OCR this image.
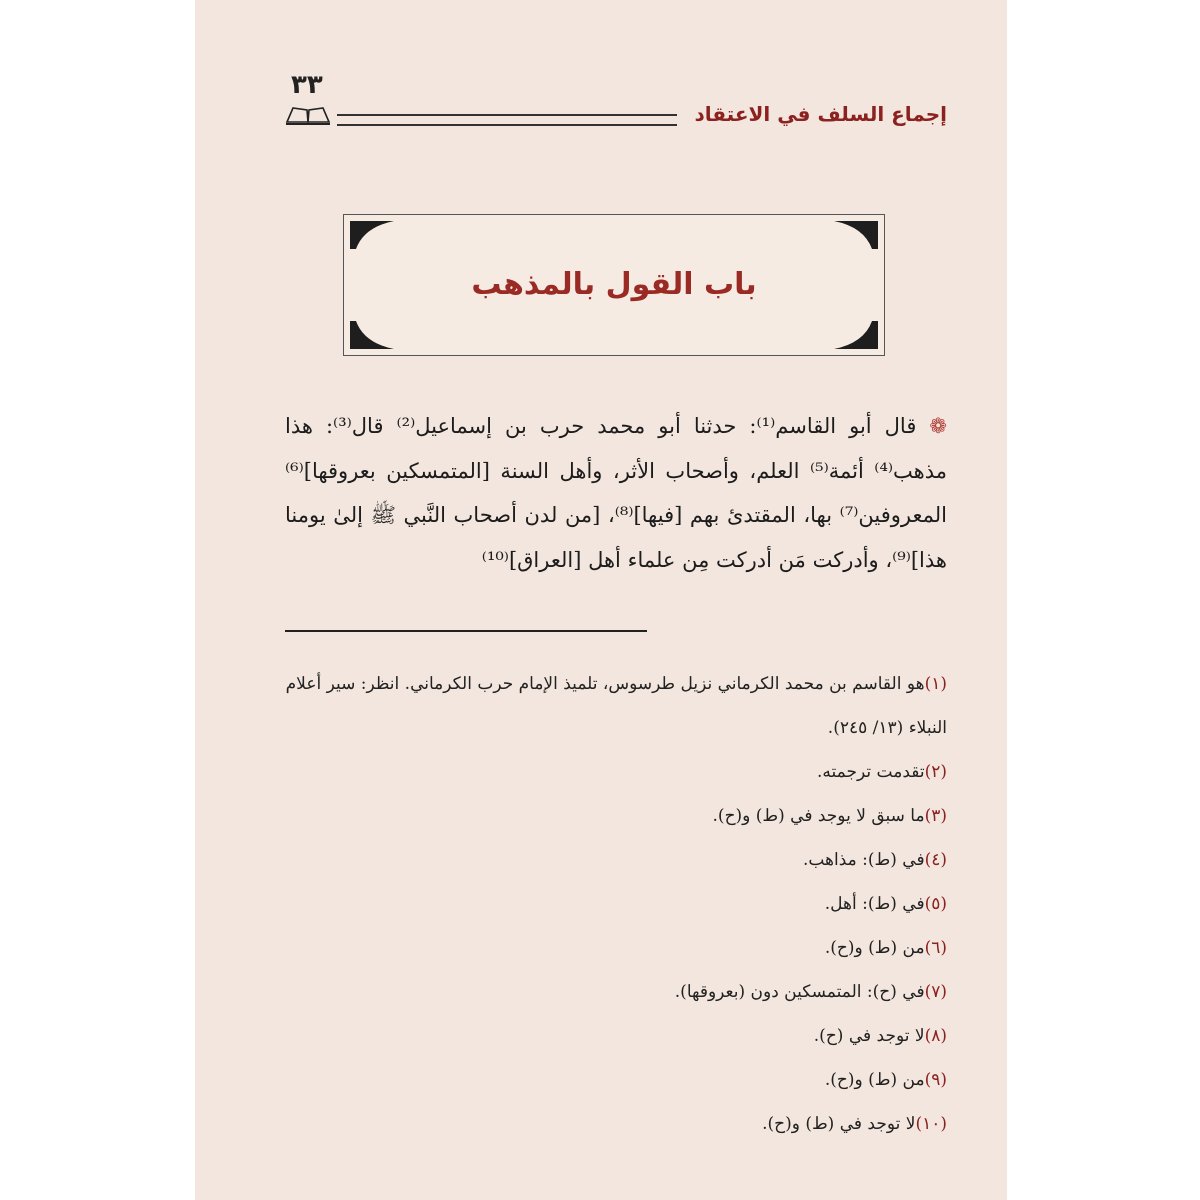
٣٣
إجماع السلف في الاعتقاد
باب القول بالمذهب

❁ قال أبو القاسم⁽¹⁾: حدثنا أبو محمد حرب بن إسماعيل⁽²⁾ قال⁽³⁾: هذا مذهب⁽⁴⁾ أئمة⁽⁵⁾ العلم، وأصحاب الأثر، وأهل السنة [المتمسكين بعروقها]⁽⁶⁾ المعروفين⁽⁷⁾ بها، المقتدئ بهم [فيها]⁽⁸⁾، [من لدن أصحاب النَّبي ﷺ إلىٰ يومنا هذا]⁽⁹⁾، وأدركت مَن أدركت مِن علماء أهل [العراق]⁽¹⁰⁾

(١)هو القاسم بن محمد الكرماني نزيل طرسوس، تلميذ الإمام حرب الكرماني. انظر: سير أعلام النبلاء (١٣/ ٢٤٥).

(٢)تقدمت ترجمته.

(٣)ما سبق لا يوجد في (ط) و(ح).

(٤)في (ط): مذاهب.

(٥)في (ط): أهل.

(٦)من (ط) و(ح).

(٧)في (ح): المتمسكين دون (بعروقها).

(٨)لا توجد في (ح).

(٩)من (ط) و(ح).

(١٠)لا توجد في (ط) و(ح).
